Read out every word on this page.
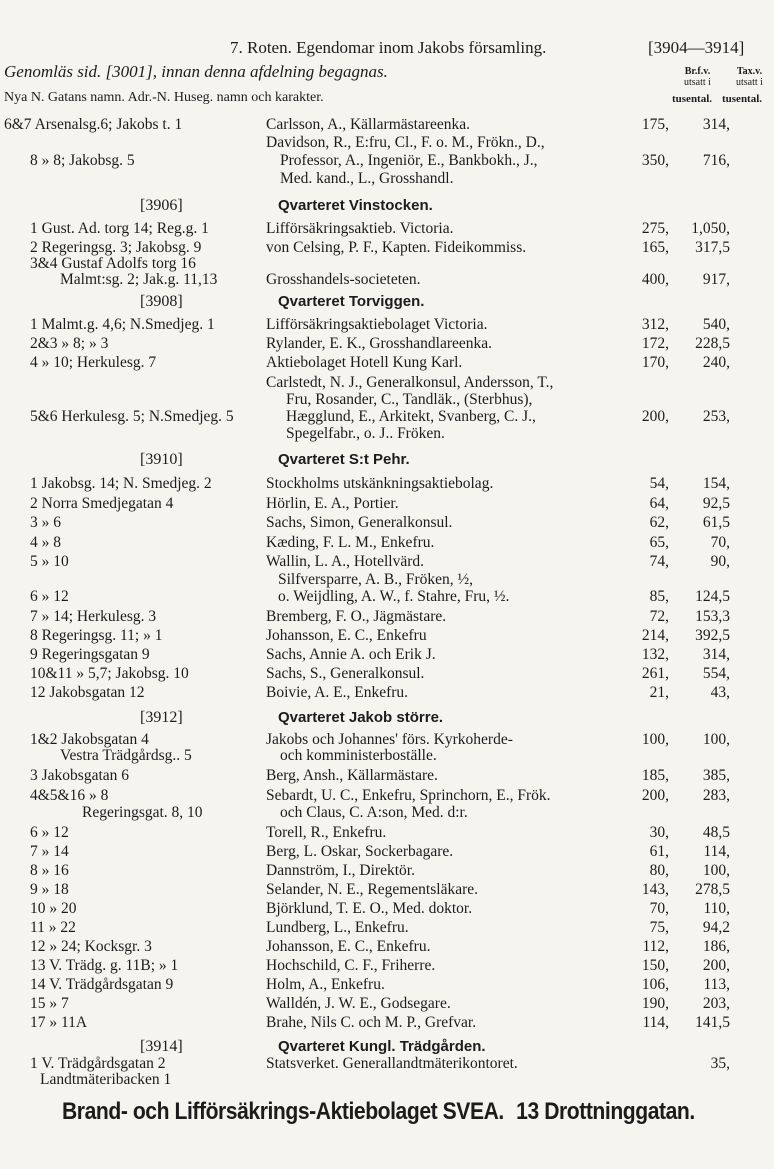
7. Roten. Egendomar inom Jakobs församling.	[3904—3914]
Genomläs sid. [3001], innan denna afdelning begagnas.	Br.f.v.
utsatt i
Tax.v.
utsatt i
Nya N. Gatans namn. Adr.-N. Huseg. namn och karakter.	tusental. tusental.
6&7 Arsenalsg.6; Jakobs t. 1	Carlsson, A., Källarmästareenka.	175, 314,
Davidson, R., E:fru, Cl., F. o. M., Frökn., D.,
8 » 8; Jakobsg. 5	Professor, A., Ingeniör, E., Bankbokh., J.,	350, 716,
Med. kand., L., Grosshandl.
[3906]	Qvarteret Vinstocken.
1 Gust. Ad. torg 14; Reg.g. 1	Lifförsäkringsaktieb. Victoria.	275, 1,050,
2 Regeringsg. 3; Jakobsg. 9	von Celsing, P. F., Kapten. Fideikommiss.	165, 317,5
3&4 Gustaf Adolfs torg 16
Malmt:sg. 2; Jak.g. 11,13	Grosshandels-societeten.	400, 917,
[3908]	Qvarteret Torviggen.
1 Malmt.g. 4,6; N.Smedjeg. 1	Lifförsäkringsaktiebolaget Victoria.	312, 540,
2&3 » 8; » 3	Rylander, E. K., Grosshandlareenka.	172, 228,5
4 » 10; Herkulesg. 7	Aktiebolaget Hotell Kung Karl.	170, 240,
Carlstedt, N. J., Generalkonsul, Andersson, T.,
Fru, Rosander, C., Tandläk., (Sterbhus),
5&6 Herkulesg. 5; N.Smedjeg. 5	Hægglund, E., Arkitekt, Svanberg, C. J.,	200, 253,
Spegelfabr., o. J.. Fröken.
[3910]	Qvarteret S:t Pehr.
1 Jakobsg. 14; N. Smedjeg. 2	Stockholms utskänkningsaktiebolag.	54, 154,
2 Norra Smedjegatan 4	Hörlin, E. A., Portier.	64, 92,5
3 » 6	Sachs, Simon, Generalkonsul.	62, 61,5
4 » 8	Kæding, F. L. M., Enkefru.	65,	70,
5 » 10	Wallin, L. A., Hotellvärd.	74,	90,
Silfversparre, A. B., Fröken, ½,
6 » 12	o. Weijdling, A. W., f. Stahre, Fru, ½.	85, 124,5
7 » 14; Herkulesg. 3	Bremberg, F. O., Jägmästare.	72, 153,3
8 Regeringsg. 11; » 1	Johansson, E. C., Enkefru	214, 392,5
9 Regeringsgatan 9	Sachs, Annie A. och Erik J.	132, 314,
10&11 » 5,7; Jakobsg. 10	Sachs, S., Generalkonsul.	261, 554,
12 Jakobsgatan 12	Boivie, A. E., Enkefru.	21,	43,
[3912]	Qvarteret Jakob större.
1&2 Jakobsgatan 4	Jakobs och Johannes' förs. Kyrkoherde-	100, 100,
Vestra Trädgårdsg.. 5	och komministerboställe.
3 Jakobsgatan 6	Berg, Ansh., Källarmästare.	185, 385,
4&5&16 » 8	Sebardt, U. C., Enkefru, Sprinchorn, E., Frök.	200, 283,
Regeringsgat. 8, 10	och Claus, C. A:son, Med. d:r.
6 » 12	Torell, R., Enkefru.	30, 48,5
7 » 14	Berg, L. Oskar, Sockerbagare.	61, 114,
8 » 16	Dannström, I., Direktör.	80, 100,
9 » 18	Selander, N. E., Regementsläkare.	143, 278,5
10 » 20	Björklund, T. E. O., Med. doktor.	70, 110,
11 » 22	Lundberg, L., Enkefru.	75, 94,2
12 » 24; Kocksgr. 3	Johansson, E. C., Enkefru.	112, 186,
13 V. Trädg. g. 11B; » 1	Hochschild, C. F., Friherre.	150, 200,
14 V. Trädgårdsgatan 9	Holm, A., Enkefru.	106, 113,
15 » 7	Walldén, J. W. E., Godsegare.	190, 203,
17 » 11A	Brahe, Nils C. och M. P., Grefvar.	114, 141,5
[3914]	Qvarteret Kungl. Trädgården.
1 V. Trädgårdsgatan 2	Statsverket. Generallandtmäterikontoret.	35,
Landtmäteribacken 1
Brand- och Lifförsäkrings-Aktiebolaget SVEA. 13 Drottninggatan.
